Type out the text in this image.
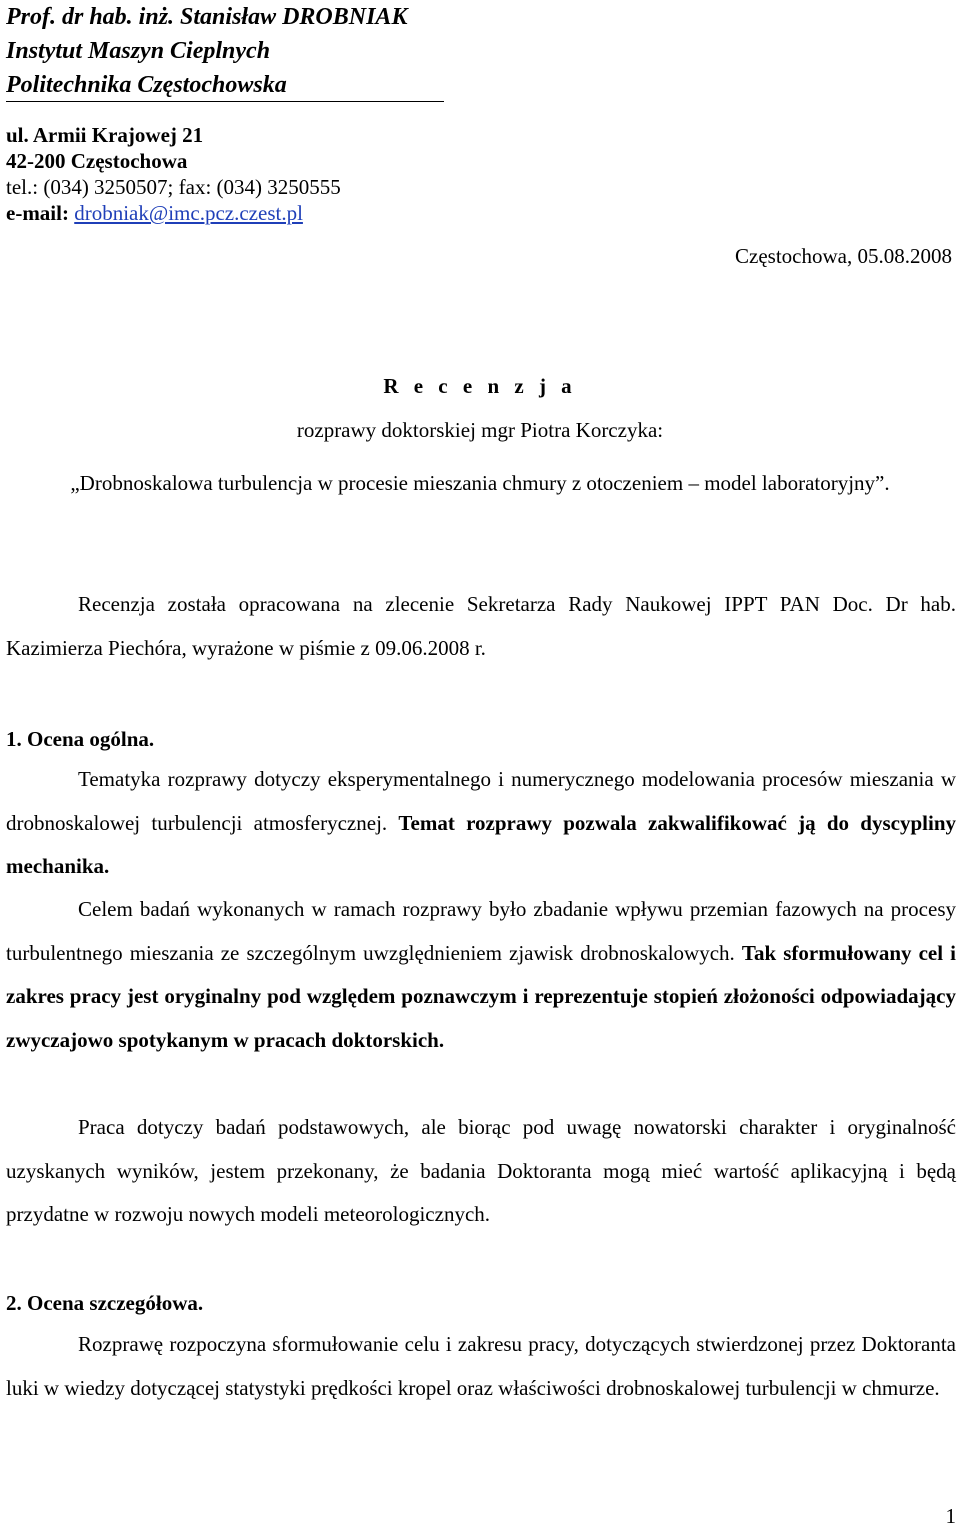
Prof. dr hab. inż. Stanisław DROBNIAK
Instytut Maszyn Cieplnych
Politechnika Częstochowska
ul. Armii Krajowej 21
42-200 Częstochowa
tel.: (034) 3250507; fax: (034) 3250555
e-mail: drobniak@imc.pcz.czest.pl
Częstochowa, 05.08.2008
R e c e n z j a
rozprawy doktorskiej mgr Piotra Korczyka:
„Drobnoskalowa turbulencja w procesie mieszania chmury z otoczeniem – model laboratoryjny”.
Recenzja została opracowana na zlecenie Sekretarza Rady Naukowej IPPT PAN Doc. Dr hab. Kazimierza Piechóra, wyrażone w piśmie z 09.06.2008 r.
1. Ocena ogólna.
Tematyka rozprawy dotyczy eksperymentalnego i numerycznego modelowania procesów mieszania w drobnoskalowej turbulencji atmosferycznej. Temat rozprawy pozwala zakwalifikować ją do dyscypliny mechanika.
Celem badań wykonanych w ramach rozprawy było zbadanie wpływu przemian fazowych na procesy turbulentnego mieszania ze szczególnym uwzględnieniem zjawisk drobnoskalowych. Tak sformułowany cel i zakres pracy jest oryginalny pod względem poznawczym i reprezentuje stopień złożoności odpowiadający zwyczajowo spotykanym w pracach doktorskich.
Praca dotyczy badań podstawowych, ale biorąc pod uwagę nowatorski charakter i oryginalność uzyskanych wyników, jestem przekonany, że badania Doktoranta mogą mieć wartość aplikacyjną i będą przydatne w rozwoju nowych modeli meteorologicznych.
2. Ocena szczegółowa.
Rozprawę rozpoczyna sformułowanie celu i zakresu pracy, dotyczących stwierdzonej przez Doktoranta luki w wiedzy dotyczącej statystyki prędkości kropel oraz właściwości drobnoskalowej turbulencji w chmurze.
1
